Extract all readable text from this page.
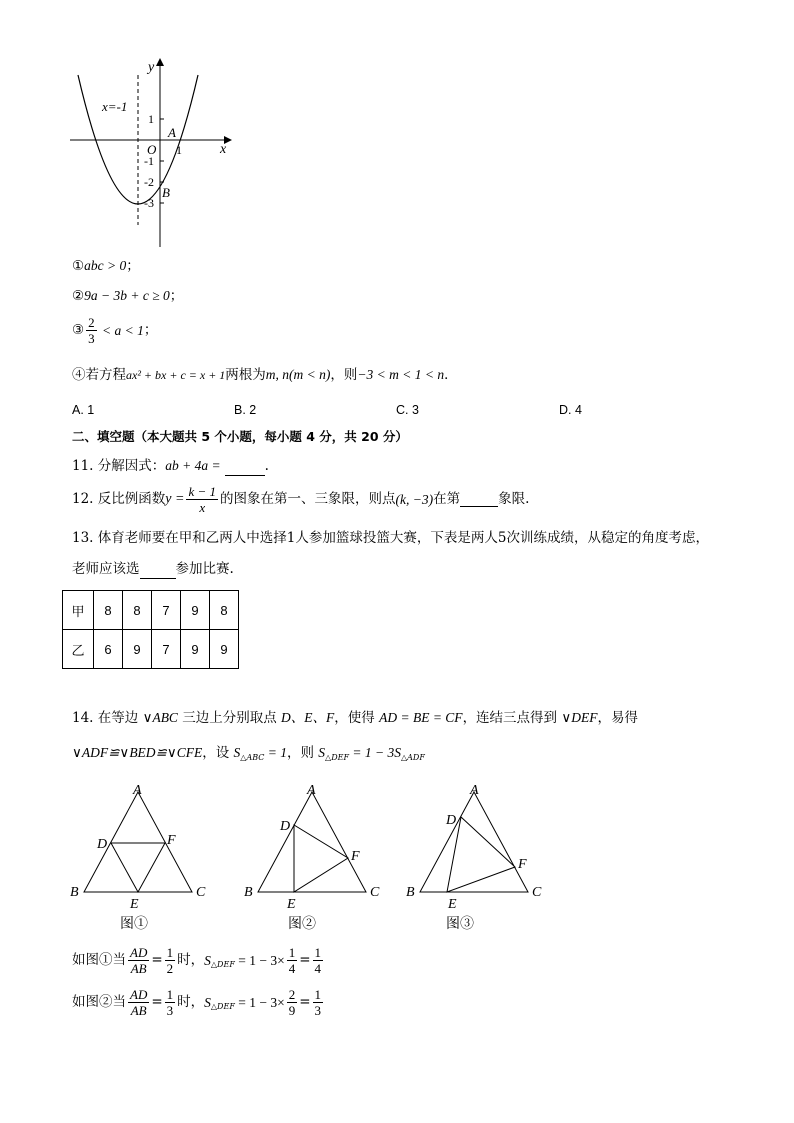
y
x
x=-1
1
-1
-2
-3
O 1
A
B
①abc > 0；
②9a − 3b + c ≥ 0；
③ $\frac{2}{3} < a < 1$；
④若方程ax² + bx + c = x + 1两根为m, n(m < n)，则−3 < m < 1 < n．
A. 1	B. 2	C. 3	D. 4
二、填空题（本大题共 5 个小题，每小题 4 分，共 20 分）
11. 分解因式：ab + 4a =	.
12. 反比例函数$y = \frac{k - 1}{x}$ 的图象在第一、三象限，则点(k, −3)在第	象限.
13. 体育老师要在甲和乙两人中选择1人参加篮球投篮大赛，下表是两人5次训练成绩，从稳定的角度考虑，
老师应该选	参加比赛.
甲	8	8	7	9	8
乙	6	9	7	9	9
14. 在等边 ∨ABC 三边上分别取点 D、E、F，使得 AD = BE = CF，连结三点得到 ∨DEF，易得
∨ADF≌∨BED≌∨CFE，设 $S_{\triangle ABC} = 1$，则 $S_{\triangle DEF} = 1 - 3S_{\triangle ADF}$
A
B	C
D
E
F
图①
A
B	C
D
E
F
图②
A
B	C
D
E
F
图③
如图①当 $\frac{AD}{AB} = \frac{1}{2}$ 时，$S_{\triangle DEF} = 1 - 3\times \frac{1}{4} = \frac{1}{4}$
如图②当 $\frac{AD}{AB} = \frac{1}{3}$ 时，$S_{\triangle DEF} = 1 - 3\times \frac{2}{9} = \frac{1}{3}$
